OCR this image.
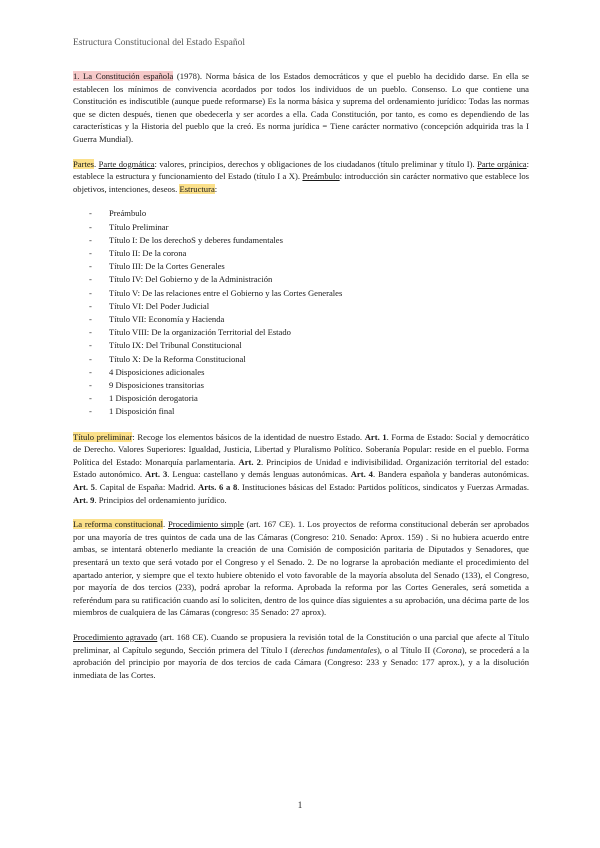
Estructura Constitucional del Estado Español

1. La Constitución española (1978). Norma básica de los Estados democráticos y que el pueblo ha decidido darse. En ella se establecen los mínimos de convivencia acordados por todos los individuos de un pueblo. Consenso. Lo que contiene una Constitución es indiscutible (aunque puede reformarse) Es la norma básica y suprema del ordenamiento jurídico: Todas las normas que se dicten después, tienen que obedecerla y ser acordes a ella. Cada Constitución, por tanto, es como es dependiendo de las características y la Historia del pueblo que la creó. Es norma jurídica = Tiene carácter normativo (concepción adquirida tras la I Guerra Mundial).

Partes. Parte dogmática: valores, principios, derechos y obligaciones de los ciudadanos (título preliminar y título I). Parte orgánica: establece la estructura y funcionamiento del Estado (título I a X). Preámbulo: introducción sin carácter normativo que establece los objetivos, intenciones, deseos. Estructura:

- Preámbulo
- Título Preliminar
- Título I: De los derechoS y deberes fundamentales
- Título II: De la corona
- Título III: De la Cortes Generales
- Título IV: Del Gobierno y de la Administración
- Título V: De las relaciones entre el Gobierno y las Cortes Generales
- Título VI: Del Poder Judicial
- Título VII: Economía y Hacienda
- Título VIII: De la organización Territorial del Estado
- Título IX: Del Tribunal Constitucional
- Título X: De la Reforma Constitucional
- 4 Disposiciones adicionales
- 9 Disposiciones transitorias
- 1 Disposición derogatoria
- 1 Disposición final

Título preliminar: Recoge los elementos básicos de la identidad de nuestro Estado. Art. 1. Forma de Estado: Social y democrático de Derecho. Valores Superiores: Igualdad, Justicia, Libertad y Pluralismo Político. Soberanía Popular: reside en el pueblo. Forma Política del Estado: Monarquía parlamentaria. Art. 2. Principios de Unidad e indivisibilidad. Organización territorial del estado: Estado autonómico. Art. 3. Lengua: castellano y demás lenguas autonómicas. Art. 4. Bandera española y banderas autonómicas. Art. 5. Capital de España: Madrid. Arts. 6 a 8. Instituciones básicas del Estado: Partidos políticos, sindicatos y Fuerzas Armadas. Art. 9. Principios del ordenamiento jurídico.

La reforma constitucional. Procedimiento simple (art. 167 CE). 1. Los proyectos de reforma constitucional deberán ser aprobados por una mayoría de tres quintos de cada una de las Cámaras (Congreso: 210. Senado: Aprox. 159) . Si no hubiera acuerdo entre ambas, se intentará obtenerlo mediante la creación de una Comisión de composición paritaria de Diputados y Senadores, que presentará un texto que será votado por el Congreso y el Senado. 2. De no lograrse la aprobación mediante el procedimiento del apartado anterior, y siempre que el texto hubiere obtenido el voto favorable de la mayoría absoluta del Senado (133), el Congreso, por mayoría de dos tercios (233), podrá aprobar la reforma. Aprobada la reforma por las Cortes Generales, será sometida a referéndum para su ratificación cuando así lo soliciten, dentro de los quince días siguientes a su aprobación, una décima parte de los miembros de cualquiera de las Cámaras (congreso: 35 Senado: 27 aprox).

Procedimiento agravado (art. 168 CE). Cuando se propusiera la revisión total de la Constitución o una parcial que afecte al Título preliminar, al Capítulo segundo, Sección primera del Título I (derechos fundamentales), o al Título II (Corona), se procederá a la aprobación del principio por mayoría de dos tercios de cada Cámara (Congreso: 233 y Senado: 177 aprox.), y a la disolución inmediata de las Cortes.

1
